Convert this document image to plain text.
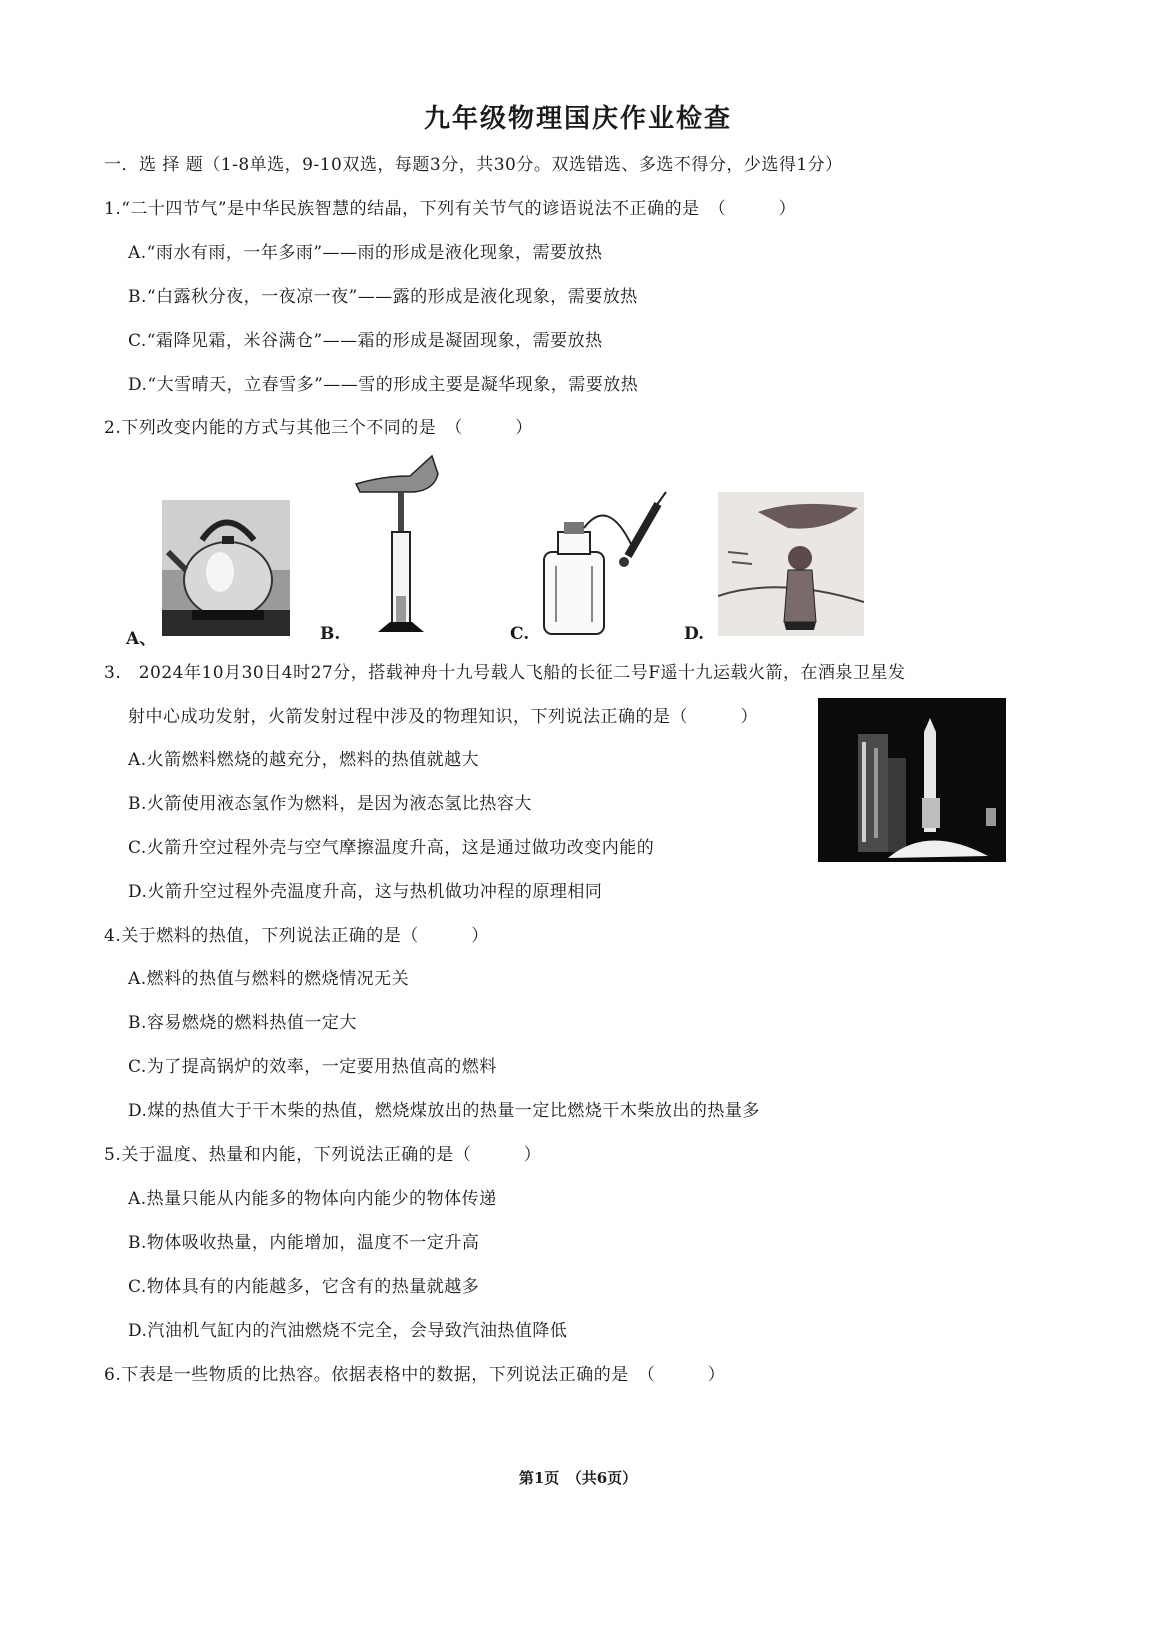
九年级物理国庆作业检查
一．选 择 题（1-8单选，9-10双选，每题3分，共30分。双选错选、多选不得分，少选得1分）
1.“二十四节气”是中华民族智慧的结晶，下列有关节气的谚语说法不正确的是　（　　　）
A.“雨水有雨，一年多雨”——雨的形成是液化现象，需要放热
B.“白露秋分夜，一夜凉一夜”——露的形成是液化现象，需要放热
C.“霜降见霜，米谷满仓”——霜的形成是凝固现象，需要放热
D.“大雪晴天，立春雪多”——雪的形成主要是凝华现象，需要放热
2.下列改变内能的方式与其他三个不同的是　（　　　）
A、	B.	C.	D.
3.　2024年10月30日4时27分，搭载神舟十九号载人飞船的长征二号F遥十九运载火箭，在酒泉卫星发
射中心成功发射，火箭发射过程中涉及的物理知识，下列说法正确的是（　　　）
A.火箭燃料燃烧的越充分，燃料的热值就越大
B.火箭使用液态氢作为燃料，是因为液态氢比热容大
C.火箭升空过程外壳与空气摩擦温度升高，这是通过做功改变内能的
D.火箭升空过程外壳温度升高，这与热机做功冲程的原理相同
4.关于燃料的热值，下列说法正确的是（　　　）
A.燃料的热值与燃料的燃烧情况无关
B.容易燃烧的燃料热值一定大
C.为了提高锅炉的效率，一定要用热值高的燃料
D.煤的热值大于干木柴的热值，燃烧煤放出的热量一定比燃烧干木柴放出的热量多
5.关于温度、热量和内能，下列说法正确的是（　　　）
A.热量只能从内能多的物体向内能少的物体传递
B.物体吸收热量，内能增加，温度不一定升高
C.物体具有的内能越多，它含有的热量就越多
D.汽油机气缸内的汽油燃烧不完全，会导致汽油热值降低
6.下表是一些物质的比热容。依据表格中的数据，下列说法正确的是　（　　　）
第1页　（共6页）
